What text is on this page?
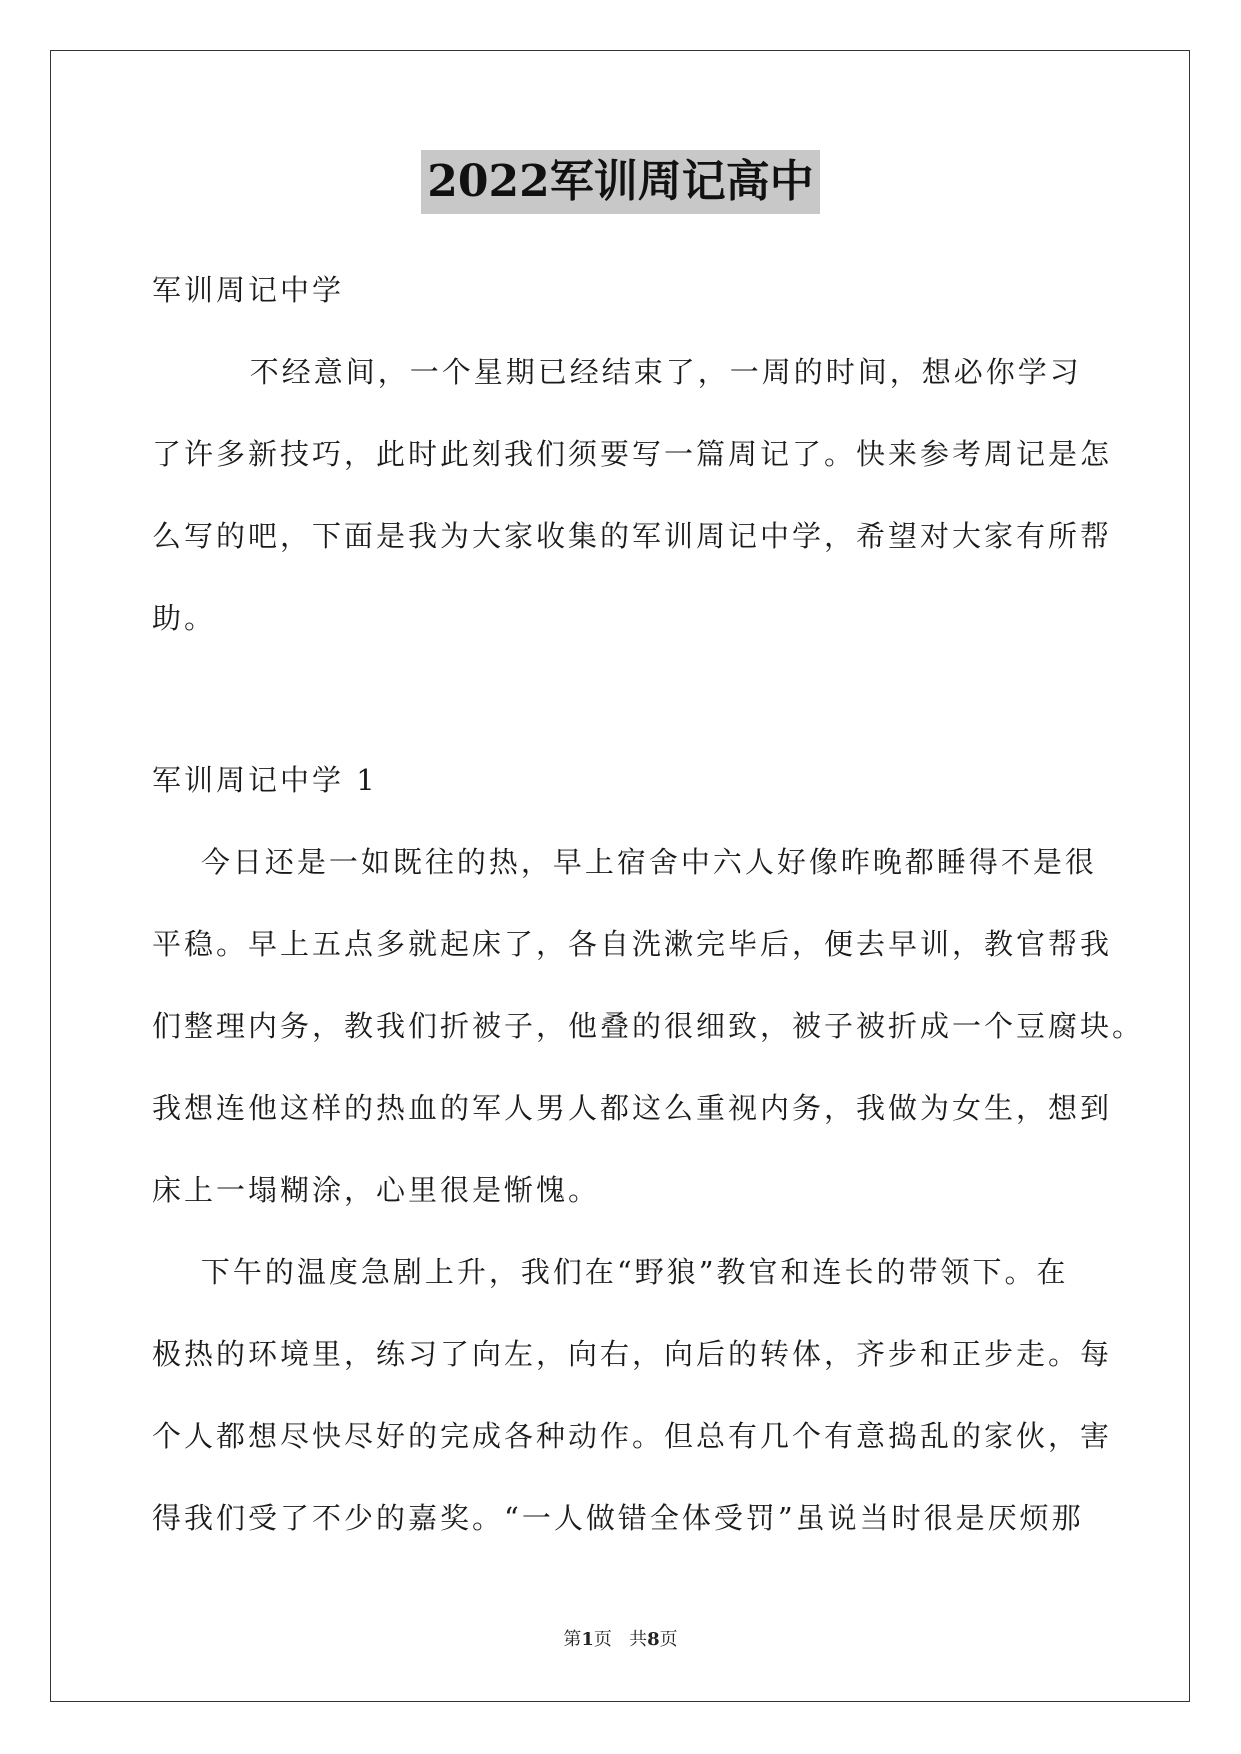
2022军训周记高中
军训周记中学
不经意间，一个星期已经结束了，一周的时间，想必你学习
了许多新技巧，此时此刻我们须要写一篇周记了。快来参考周记是怎
么写的吧，下面是我为大家收集的军训周记中学，希望对大家有所帮
助。
军训周记中学 1
今日还是一如既往的热，早上宿舍中六人好像昨晚都睡得不是很
平稳。早上五点多就起床了，各自洗漱完毕后，便去早训，教官帮我
们整理内务，教我们折被子，他叠的很细致，被子被折成一个豆腐块。
我想连他这样的热血的军人男人都这么重视内务，我做为女生，想到
床上一塌糊涂，心里很是惭愧。
下午的温度急剧上升，我们在“野狼”教官和连长的带领下。在
极热的环境里，练习了向左，向右，向后的转体，齐步和正步走。每
个人都想尽快尽好的完成各种动作。但总有几个有意捣乱的家伙，害
得我们受了不少的嘉奖。“一人做错全体受罚”虽说当时很是厌烦那
第1页   共8页
